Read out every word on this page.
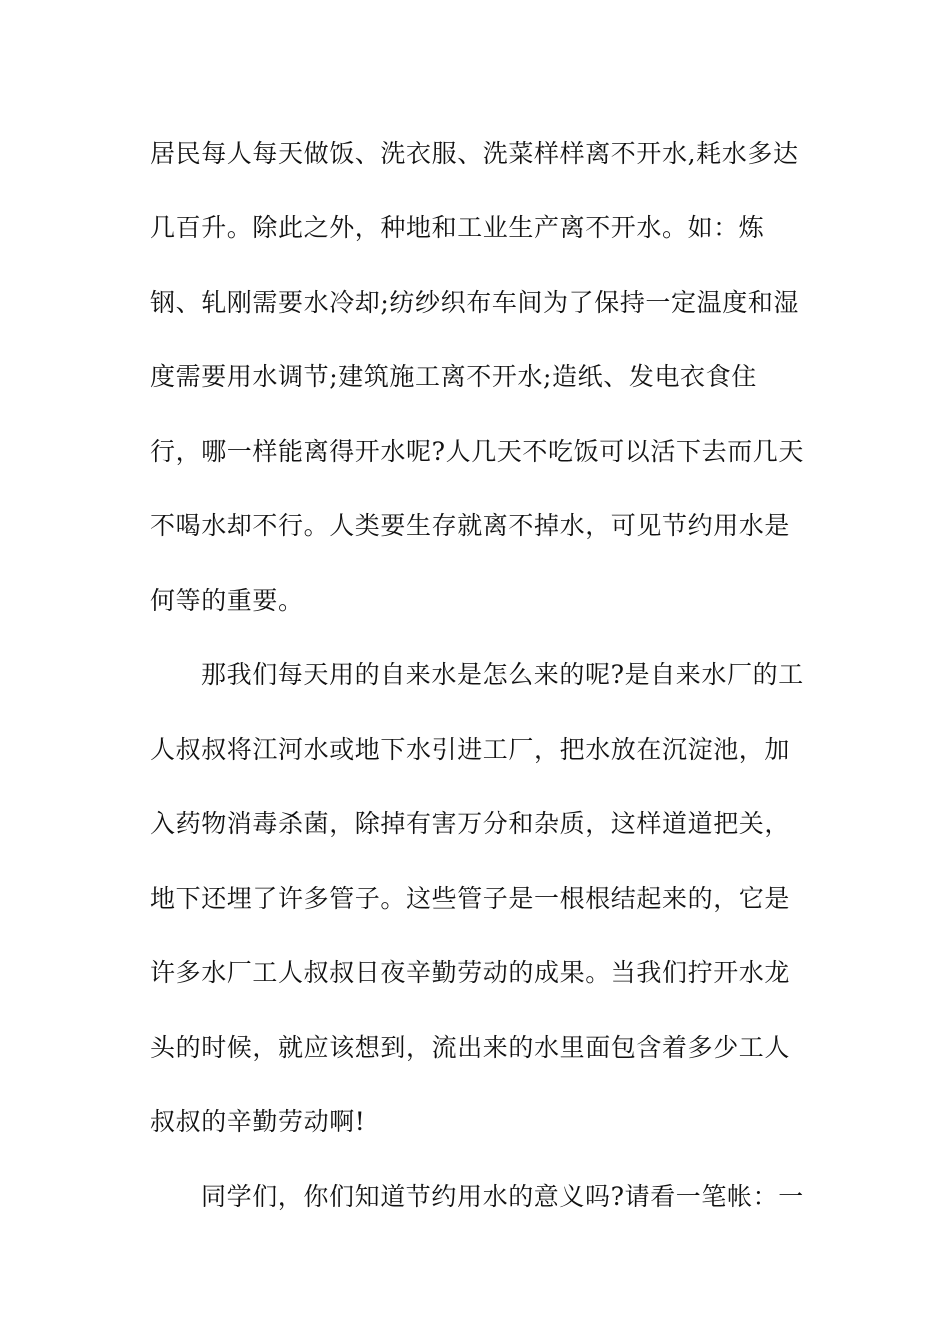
居民每人每天做饭、洗衣服、洗菜样样离不开水,耗水多达
几百升。除此之外，种地和工业生产离不开水。如：炼
钢、轧刚需要水冷却;纺纱织布车间为了保持一定温度和湿
度需要用水调节;建筑施工离不开水;造纸、发电衣食住
行，哪一样能离得开水呢?人几天不吃饭可以活下去而几天
不喝水却不行。人类要生存就离不掉水，可见节约用水是
何等的重要。
那我们每天用的自来水是怎么来的呢?是自来水厂的工
人叔叔将江河水或地下水引进工厂，把水放在沉淀池，加
入药物消毒杀菌，除掉有害万分和杂质，这样道道把关，
地下还埋了许多管子。这些管子是一根根结起来的，它是
许多水厂工人叔叔日夜辛勤劳动的成果。当我们拧开水龙
头的时候，就应该想到，流出来的水里面包含着多少工人
叔叔的辛勤劳动啊!
同学们，你们知道节约用水的意义吗?请看一笔帐：一
